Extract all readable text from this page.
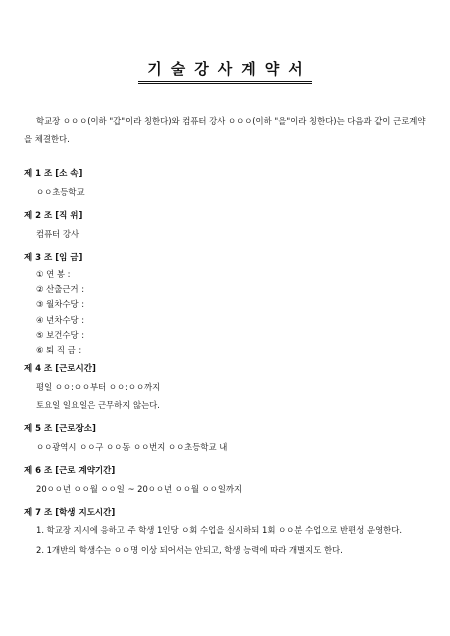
기술강사계약서
학교장 ㅇㅇㅇ(이하 "갑"이라 칭한다)와 컴퓨터 강사 ㅇㅇㅇ(이하 "을"이라 칭한다)는 다음과 같이 근로계약을 체결한다.
제 1 조 [소 속]
ㅇㅇ초등학교
제 2 조 [직 위]
컴퓨터 강사
제 3 조 [임 금]
① 연 봉 :
② 산출근거 :
③ 월차수당 :
④ 년차수당 :
⑤ 보건수당 :
⑥ 퇴 직 금 :
제 4 조 [근로시간]
평일 ㅇㅇ:ㅇㅇ부터 ㅇㅇ:ㅇㅇ까지
토요일 일요일은 근무하지 않는다.
제 5 조 [근로장소]
ㅇㅇ광역시 ㅇㅇ구 ㅇㅇ동 ㅇㅇ번지 ㅇㅇ초등학교 내
제 6 조 [근로 계약기간]
20ㅇㅇ년 ㅇㅇ월 ㅇㅇ일 ~ 20ㅇㅇ년 ㅇㅇ월 ㅇㅇ일까지
제 7 조 [학생 지도시간]
1. 학교장 지시에 응하고 주 학생 1인당 ㅇ회 수업을 실시하되 1회 ㅇㅇ분 수업으로 반편성 운영한다.
2. 1개반의 학생수는 ㅇㅇ명 이상 되어서는 안되고, 학생 능력에 따라 개별지도 한다.
